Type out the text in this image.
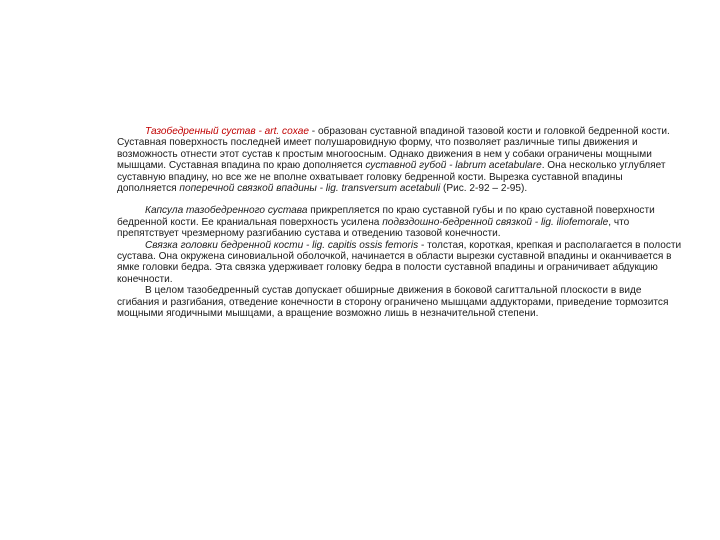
Тазобедренный сустав - art. coxae - образован суставной впадиной тазовой кости и головкой бедренной кости. Суставная поверхность последней имеет полушаровидную форму, что позволяет различные типы движения и возможность отнести этот сустав к простым многоосным. Однако движения в нем у собаки ограничены мощными мышцами. Суставная впадина по краю дополняется суставной губой - labrum acetabulare. Она несколько углубляет суставную впадину, но все же не вполне охватывает головку бедренной кости. Вырезка суставной впадины дополняется поперечной связкой впадины - lig. transversum acetabuli (Рис. 2-92 – 2-95).

Капсула тазобедренного сустава прикрепляется по краю суставной губы и по краю суставной поверхности бедренной кости. Ее краниальная поверхность усилена подвздошно-бедренной связкой - lig. iliofemorale, что препятствует чрезмерному разгибанию сустава и отведению тазовой конечности.

Связка головки бедренной кости - lig. capitis ossis femoris - толстая, короткая, крепкая и располагается в полости сустава. Она окружена синовиальной оболочкой, начинается в области вырезки суставной впадины и оканчивается в ямке головки бедра. Эта связка удерживает головку бедра в полости суставной впадины и ограничивает абдукцию конечности.

В целом тазобедренный сустав допускает обширные движения в боковой сагиттальной плоскости в виде сгибания и разгибания, отведение конечности в сторону ограничено мышцами аддукторами, приведение тормозится мощными ягодичными мышцами, а вращение возможно лишь в незначительной степени.
